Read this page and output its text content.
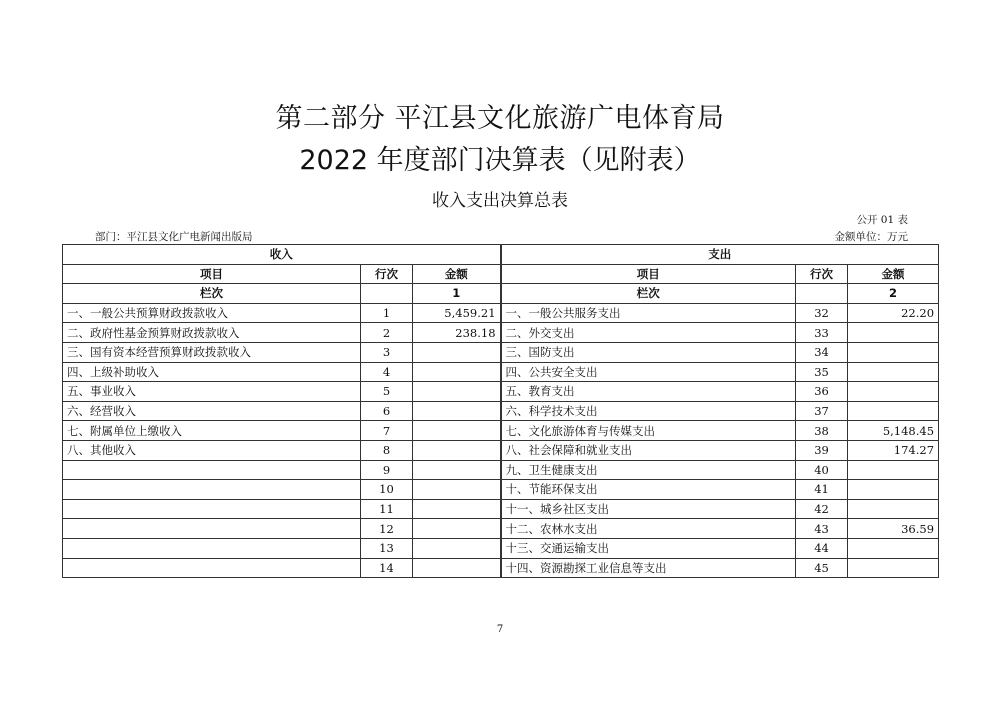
第二部分 平江县文化旅游广电体育局
2022 年度部门决算表（见附表）
收入支出决算总表
公开 01 表
部门：平江县文化广电新闻出版局	金额单位：万元
收入			支出		
项目	行次	金额	项目	行次	金额
栏次		1	栏次		2
一、一般公共预算财政拨款收入	1	5,459.21	一、一般公共服务支出	32	22.20
二、政府性基金预算财政拨款收入	2	238.18	二、外交支出	33	
三、国有资本经营预算财政拨款收入	3		三、国防支出	34	
四、上级补助收入	4		四、公共安全支出	35	
五、事业收入	5		五、教育支出	36	
六、经营收入	6		六、科学技术支出	37	
七、附属单位上缴收入	7		七、文化旅游体育与传媒支出	38	5,148.45
八、其他收入	8		八、社会保障和就业支出	39	174.27
	9		九、卫生健康支出	40	
	10		十、节能环保支出	41	
	11		十一、城乡社区支出	42	
	12		十二、农林水支出	43	36.59
	13		十三、交通运输支出	44	
	14		十四、资源勘探工业信息等支出	45	
7
